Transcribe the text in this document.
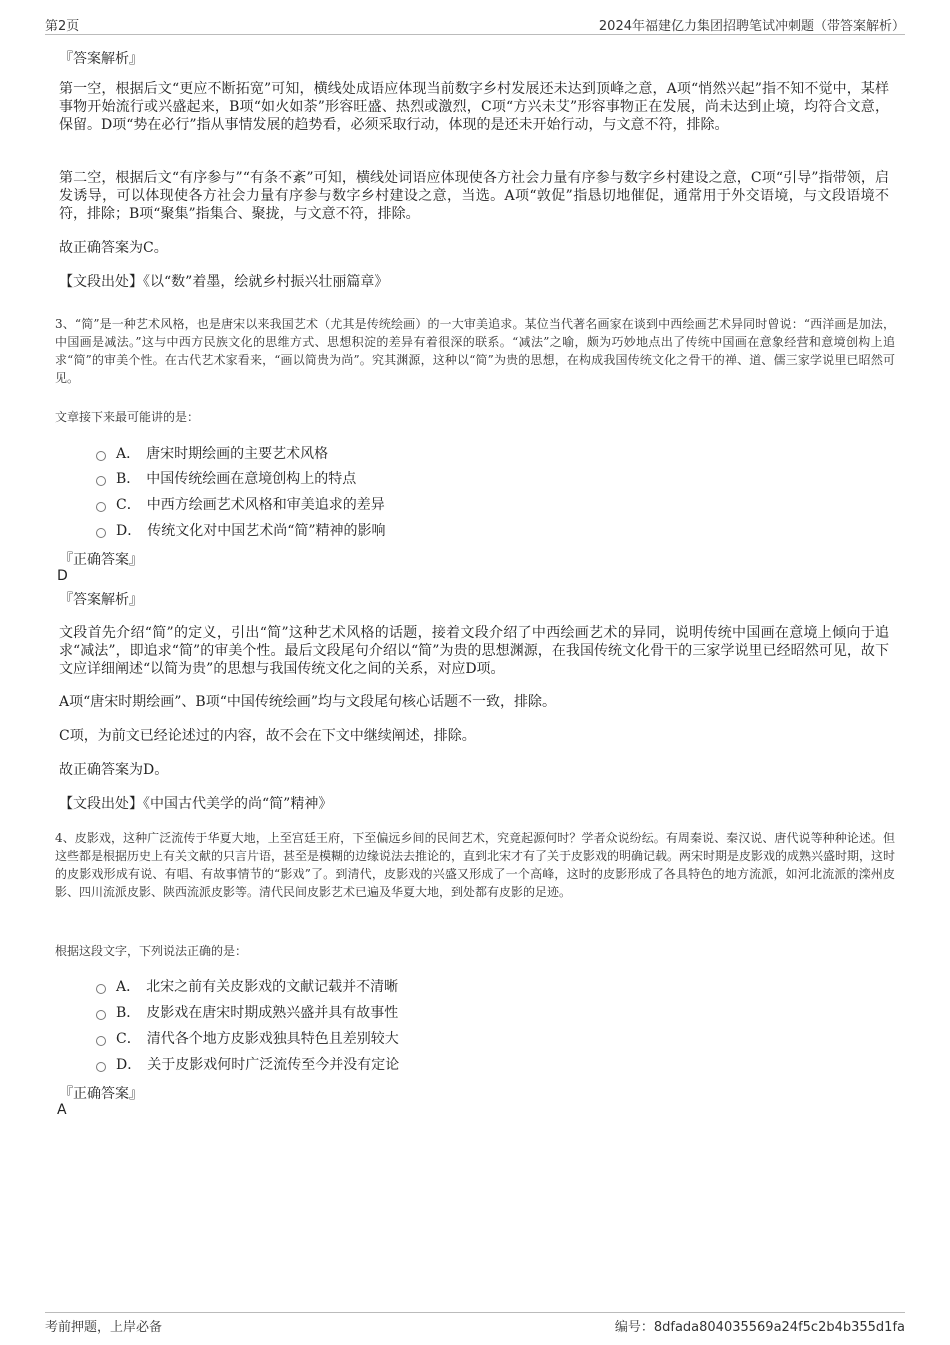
第2页	2024年福建亿力集团招聘笔试冲刺题（带答案解析）
『答案解析』
第一空，根据后文“更应不断拓宽”可知，横线处成语应体现当前数字乡村发展还未达到顶峰之意，A项“悄然兴起”指不知不觉中，某样事物开始流行或兴盛起来，B项“如火如荼”形容旺盛、热烈或激烈，C项“方兴未艾”形容事物正在发展，尚未达到止境，均符合文意，保留。D项“势在必行”指从事情发展的趋势看，必须采取行动，体现的是还未开始行动，与文意不符，排除。
第二空，根据后文“有序参与”“有条不紊”可知，横线处词语应体现使各方社会力量有序参与数字乡村建设之意，C项“引导”指带领，启发诱导，可以体现使各方社会力量有序参与数字乡村建设之意，当选。A项“敦促”指恳切地催促，通常用于外交语境，与文段语境不符，排除；B项“聚集”指集合、聚拢，与文意不符，排除。
故正确答案为C。
【文段出处】《以“数”着墨，绘就乡村振兴壮丽篇章》
3、“简”是一种艺术风格，也是唐宋以来我国艺术（尤其是传统绘画）的一大审美追求。某位当代著名画家在谈到中西绘画艺术异同时曾说：“西洋画是加法，中国画是减法。”这与中西方民族文化的思维方式、思想积淀的差异有着很深的联系。“减法”之喻，颇为巧妙地点出了传统中国画在意象经营和意境创构上追求“简”的审美个性。在古代艺术家看来，“画以简贵为尚”。究其渊源，这种以“简”为贵的思想，在构成我国传统文化之骨干的禅、道、儒三家学说里已昭然可见。
文章接下来最可能讲的是：
A． 唐宋时期绘画的主要艺术风格
B． 中国传统绘画在意境创构上的特点
C． 中西方绘画艺术风格和审美追求的差异
D． 传统文化对中国艺术尚“简”精神的影响
『正确答案』
D
『答案解析』
文段首先介绍“简”的定义，引出“简”这种艺术风格的话题，接着文段介绍了中西绘画艺术的异同，说明传统中国画在意境上倾向于追求“减法”，即追求“简”的审美个性。最后文段尾句介绍以“简”为贵的思想渊源，在我国传统文化骨干的三家学说里已经昭然可见，故下文应详细阐述“以简为贵”的思想与我国传统文化之间的关系，对应D项。
A项“唐宋时期绘画”、B项“中国传统绘画”均与文段尾句核心话题不一致，排除。
C项，为前文已经论述过的内容，故不会在下文中继续阐述，排除。
故正确答案为D。
【文段出处】《中国古代美学的尚“简”精神》
4、皮影戏，这种广泛流传于华夏大地，上至宫廷王府，下至偏远乡间的民间艺术，究竟起源何时？学者众说纷纭。有周秦说、秦汉说、唐代说等种种论述。但这些都是根据历史上有关文献的只言片语，甚至是模糊的边缘说法去推论的，直到北宋才有了关于皮影戏的明确记载。两宋时期是皮影戏的成熟兴盛时期，这时的皮影戏形成有说、有唱、有故事情节的“影戏”了。到清代，皮影戏的兴盛又形成了一个高峰，这时的皮影形成了各具特色的地方流派，如河北流派的滦州皮影、四川流派皮影、陕西流派皮影等。清代民间皮影艺术已遍及华夏大地，到处都有皮影的足迹。
根据这段文字，下列说法正确的是：
A． 北宋之前有关皮影戏的文献记载并不清晰
B． 皮影戏在唐宋时期成熟兴盛并具有故事性
C． 清代各个地方皮影戏独具特色且差别较大
D． 关于皮影戏何时广泛流传至今并没有定论
『正确答案』
A
考前押题，上岸必备	编号：8dfada804035569a24f5c2b4b355d1fa
